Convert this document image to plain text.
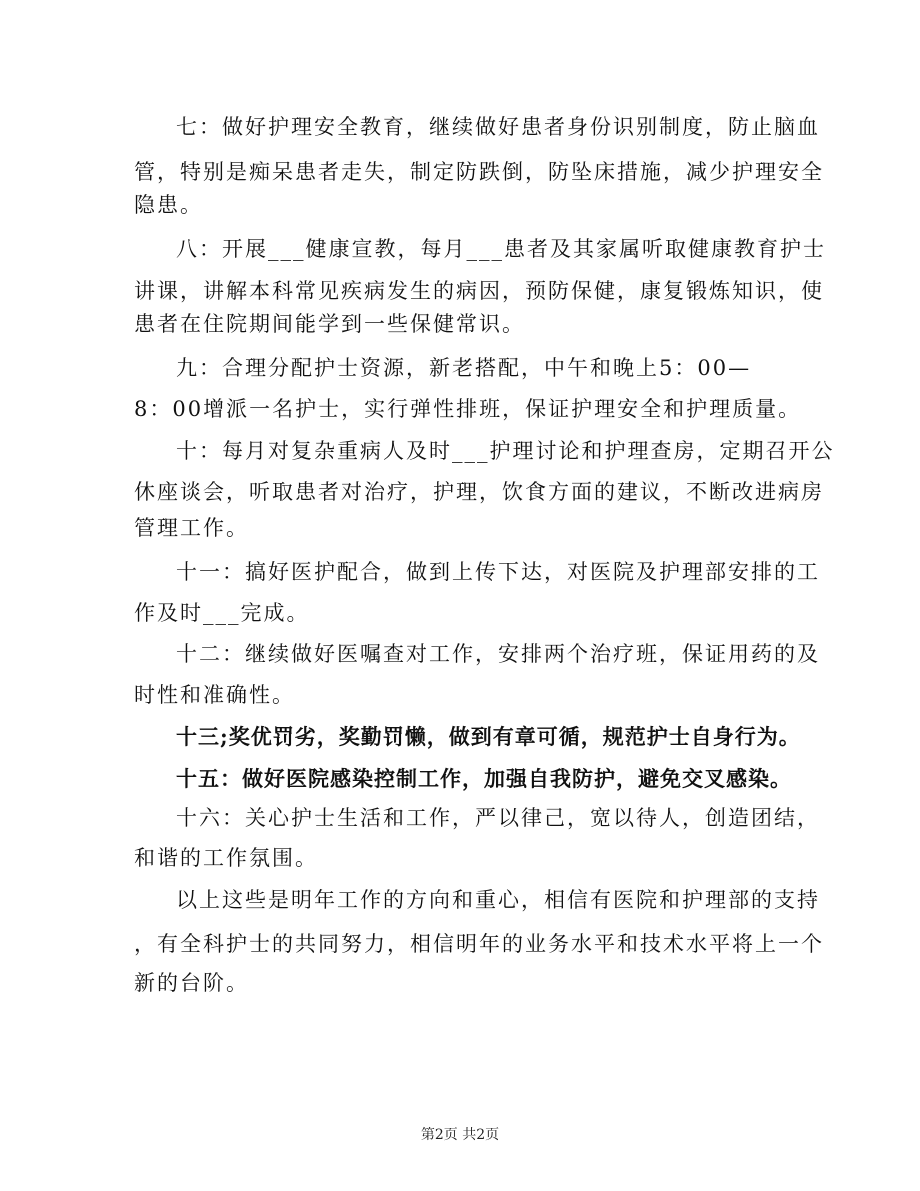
七：做好护理安全教育，继续做好患者身份识别制度，防止脑血
管，特别是痴呆患者走失，制定防跌倒，防坠床措施，减少护理安全
隐患。
八：开展___健康宣教，每月___患者及其家属听取健康教育护士
讲课，讲解本科常见疾病发生的病因，预防保健，康复锻炼知识，使
患者在住院期间能学到一些保健常识。
九：合理分配护士资源，新老搭配，中午和晚上5：00—
8：00增派一名护士，实行弹性排班，保证护理安全和护理质量。
十：每月对复杂重病人及时___护理讨论和护理查房，定期召开公
休座谈会，听取患者对治疗，护理，饮食方面的建议，不断改进病房
管理工作。
十一：搞好医护配合，做到上传下达，对医院及护理部安排的工
作及时___完成。
十二：继续做好医嘱查对工作，安排两个治疗班，保证用药的及
时性和准确性。
十三;奖优罚劣，奖勤罚懒，做到有章可循，规范护士自身行为。
十五：做好医院感染控制工作，加强自我防护，避免交叉感染。
十六：关心护士生活和工作，严以律己，宽以待人，创造团结，
和谐的工作氛围。
以上这些是明年工作的方向和重心，相信有医院和护理部的支持
，有全科护士的共同努力，相信明年的业务水平和技术水平将上一个
新的台阶。
第2页 共2页
